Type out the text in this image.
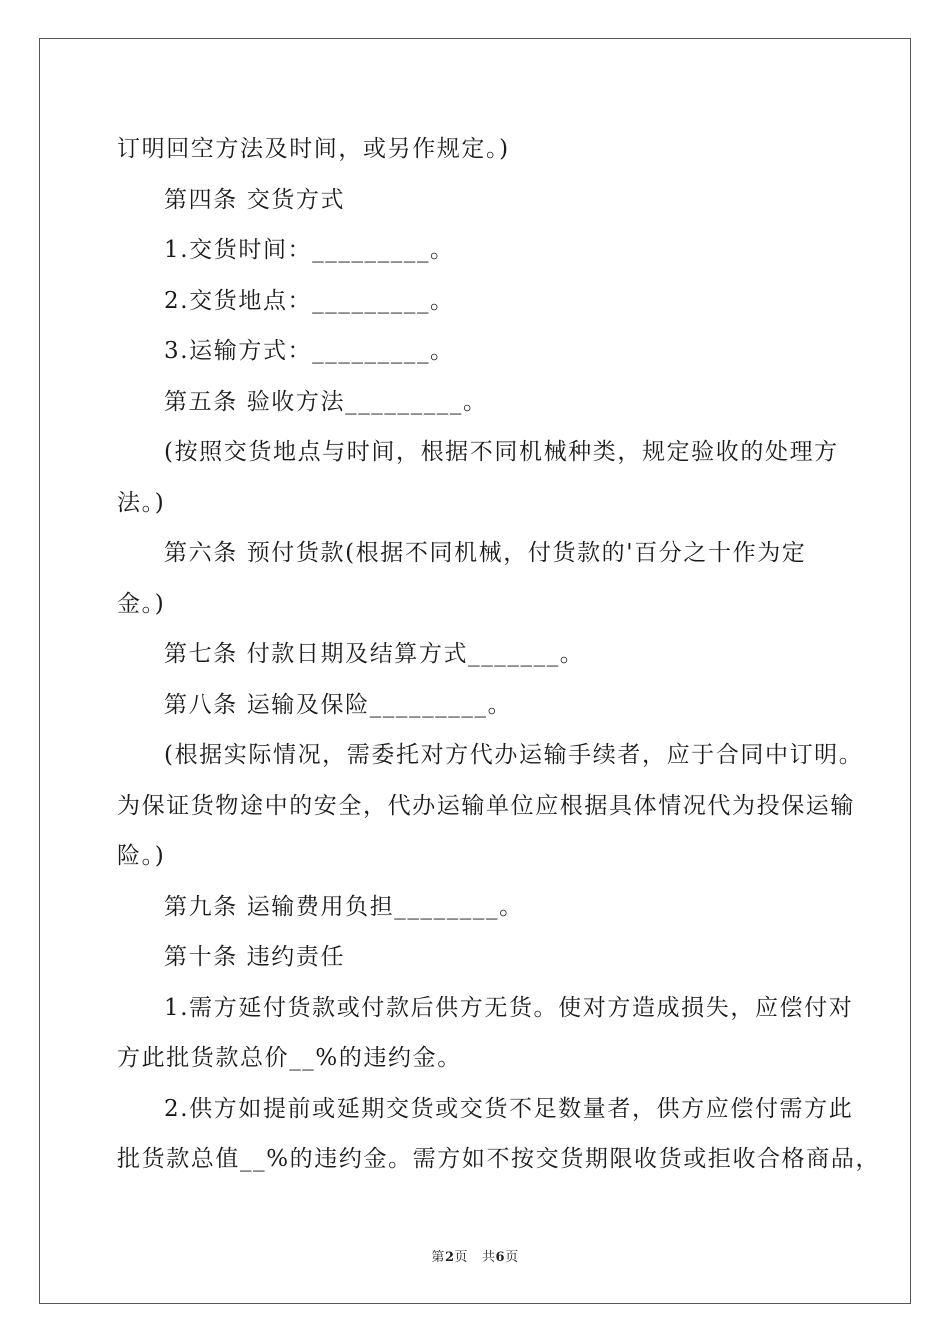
订明回空方法及时间，或另作规定。)

第四条 交货方式

1.交货时间：_________。

2.交货地点：_________。

3.运输方式：_________。

第五条 验收方法_________。

(按照交货地点与时间，根据不同机械种类，规定验收的处理方

法。)

第六条 预付货款(根据不同机械，付货款的'百分之十作为定

金。)

第七条 付款日期及结算方式_______。

第八条 运输及保险_________。

(根据实际情况，需委托对方代办运输手续者，应于合同中订明。

为保证货物途中的安全，代办运输单位应根据具体情况代为投保运输

险。)

第九条 运输费用负担________。

第十条 违约责任

1.需方延付货款或付款后供方无货。使对方造成损失，应偿付对

方此批货款总价__%的违约金。

2.供方如提前或延期交货或交货不足数量者，供方应偿付需方此

批货款总值__%的违约金。需方如不按交货期限收货或拒收合格商品，

第2页 共6页
